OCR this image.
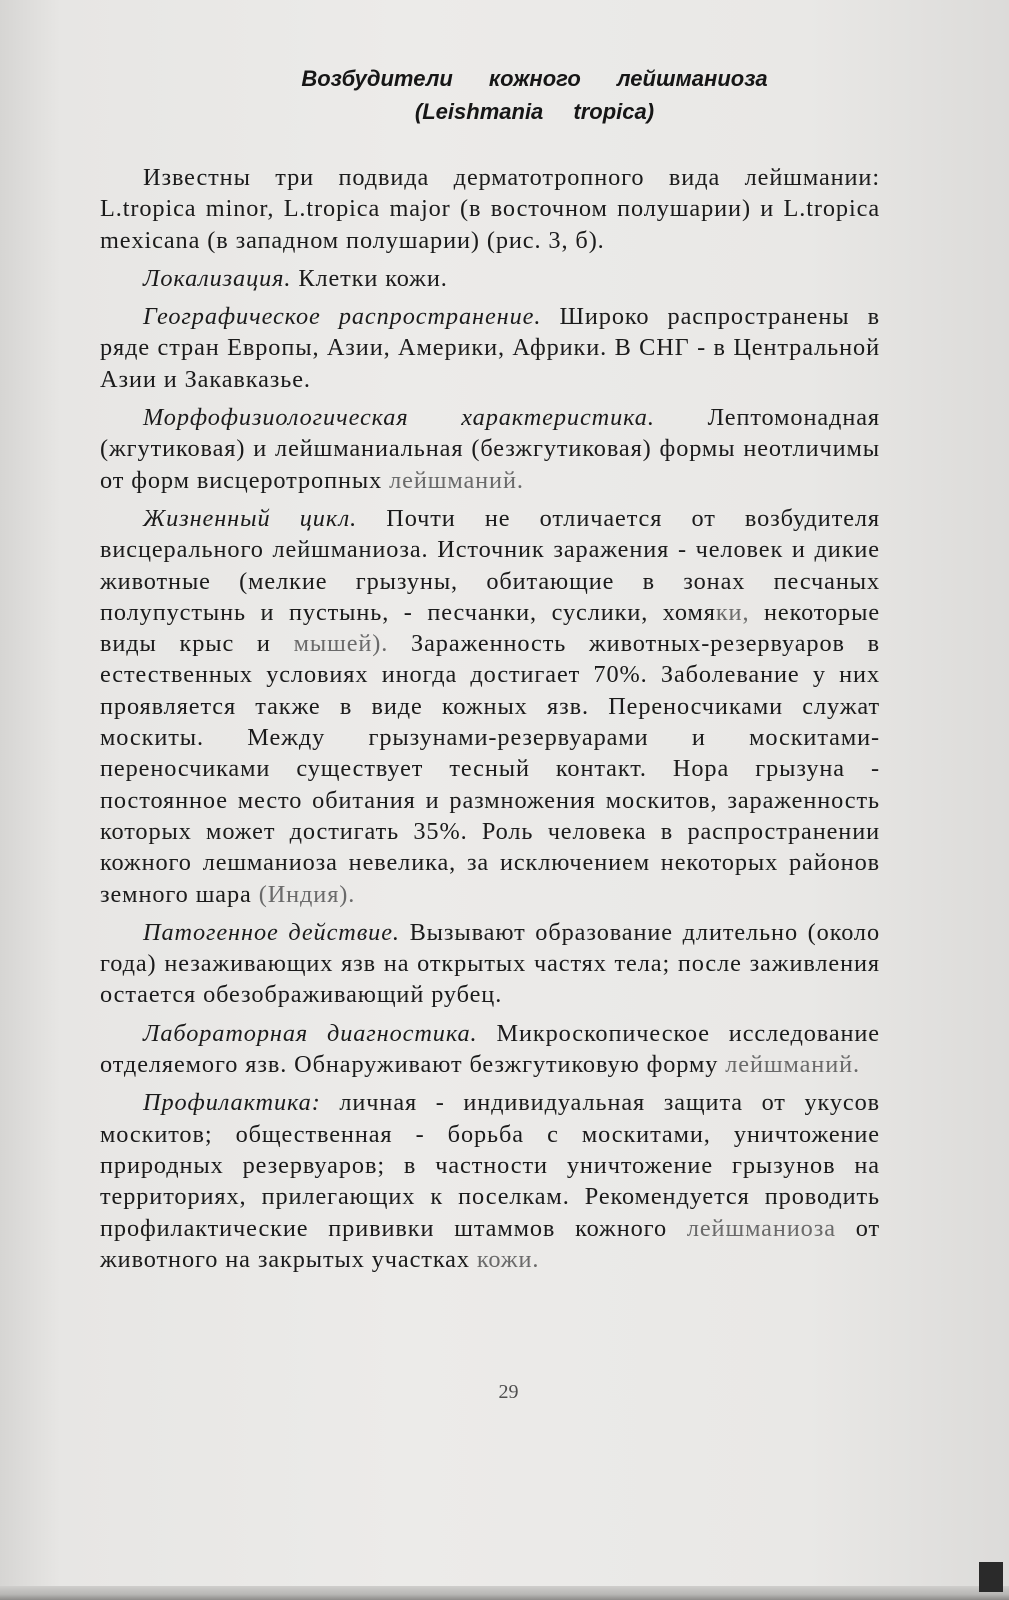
Возбудители кожного лейшманиоза
(Leishmania tropica)

Известны три подвида дерматотропного вида лейшмании: L.tropica minor, L.tropica major (в восточном полушарии) и L.tropica mexicana (в западном полушарии) (рис. 3, б).

Локализация. Клетки кожи.

Географическое распространение. Широко распространены в ряде стран Европы, Азии, Америки, Африки. В СНГ - в Центральной Азии и Закавказье.

Морфофизиологическая характеристика. Лептомонадная (жгутиковая) и лейшманиальная (безжгутиковая) формы неотличимы от форм висцеротропных лейшманий.

Жизненный цикл. Почти не отличается от возбудителя висцерального лейшманиоза. Источник заражения - человек и дикие животные (мелкие грызуны, обитающие в зонах песчаных полупустынь и пустынь, - песчанки, суслики, хомяки, некоторые виды крыс и мышей). Зараженность животных-резервуаров в естественных условиях иногда достигает 70%. Заболевание у них проявляется также в виде кожных язв. Переносчиками служат москиты. Между грызунами-резервуарами и москитами-переносчиками существует тесный контакт. Нора грызуна - постоянное место обитания и размножения москитов, зараженность которых может достигать 35%. Роль человека в распространении кожного лешманиоза невелика, за исключением некоторых районов земного шара (Индия).

Патогенное действие. Вызывают образование длительно (около года) незаживающих язв на открытых частях тела; после заживления остается обезображивающий рубец.

Лабораторная диагностика. Микроскопическое исследование отделяемого язв. Обнаруживают безжгутиковую форму лейшманий.

Профилактика: личная - индивидуальная защита от укусов москитов; общественная - борьба с москитами, уничтожение природных резервуаров; в частности уничтожение грызунов на территориях, прилегающих к поселкам. Рекомендуется проводить профилактические прививки штаммов кожного лейшманиоза от животного на закрытых участках кожи.

29
